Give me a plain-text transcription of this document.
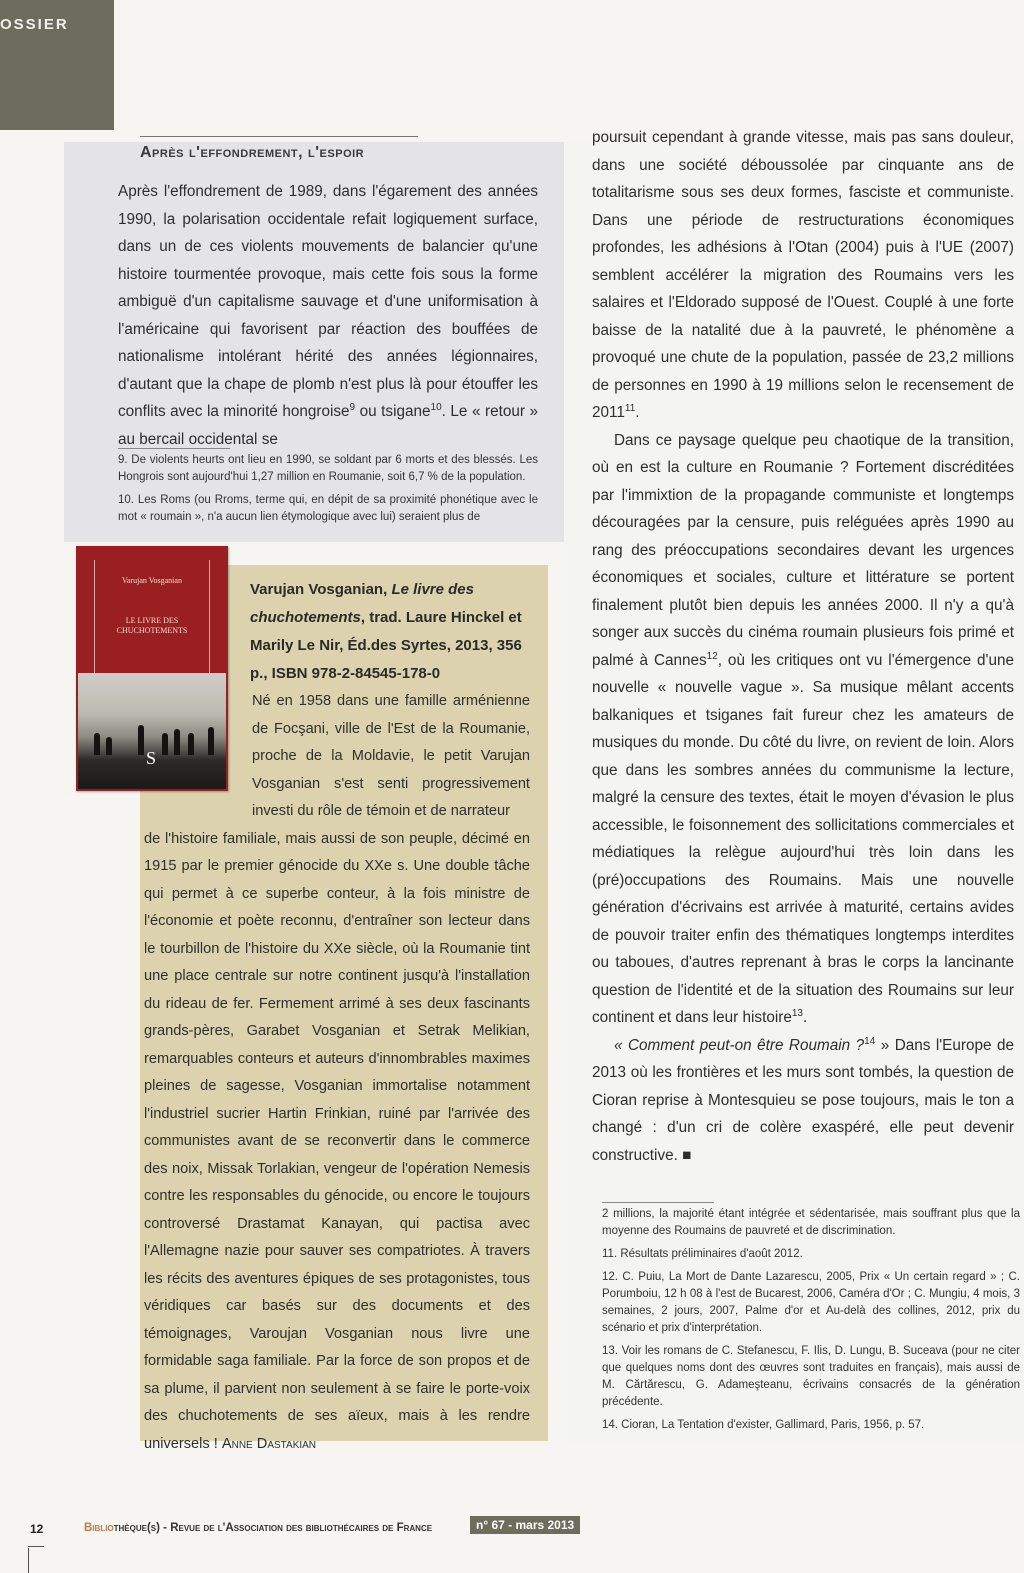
OSSIER
Après l'effondrement, l'espoir

Après l'effondrement de 1989, dans l'égarement des années 1990, la polarisation occidentale refait logiquement surface, dans un de ces violents mouvements de balancier qu'une histoire tourmentée provoque, mais cette fois sous la forme ambiguë d'un capitalisme sauvage et d'une uniformisation à l'américaine qui favorisent par réaction des bouffées de nationalisme intolérant hérité des années légionnaires, d'autant que la chape de plomb n'est plus là pour étouffer les conflits avec la minorité hongroise$^9$ ou tsigane$^{10}$. Le « retour » au bercail occidental se

9. De violents heurts ont lieu en 1990, se soldant par 6 morts et des blessés. Les Hongrois sont aujourd'hui 1,27 million en Roumanie, soit 6,7 % de la population.

10. Les Roms (ou Rroms, terme qui, en dépit de sa proximité phonétique avec le mot « roumain », n'a aucun lien étymologique avec lui) seraient plus de

Varujan Vosganian
LE LIVRE DES
CHUCHOTEMENTS
S
Varujan Vosganian, Le livre des chuchotements, trad. Laure Hinckel et Marily Le Nir, Éd.des Syrtes, 2013, 356 p., ISBN 978-2-84545-178-0

Né en 1958 dans une famille arménienne de Focşani, ville de l'Est de la Roumanie, proche de la Moldavie, le petit Varujan Vosganian s'est senti progressivement investi du rôle de témoin et de narrateur

de l'histoire familiale, mais aussi de son peuple, décimé en 1915 par le premier génocide du XXe s. Une double tâche qui permet à ce superbe conteur, à la fois ministre de l'économie et poète reconnu, d'entraîner son lecteur dans le tourbillon de l'histoire du XXe siècle, où la Roumanie tint une place centrale sur notre continent jusqu'à l'installation du rideau de fer. Fermement arrimé à ses deux fascinants grands-pères, Garabet Vosganian et Setrak Melikian, remarquables conteurs et auteurs d'innombrables maximes pleines de sagesse, Vosganian immortalise notamment l'industriel sucrier Hartin Frinkian, ruiné par l'arrivée des communistes avant de se reconvertir dans le commerce des noix, Missak Torlakian, vengeur de l'opération Nemesis contre les responsables du génocide, ou encore le toujours controversé Drastamat Kanayan, qui pactisa avec l'Allemagne nazie pour sauver ses compatriotes. À travers les récits des aventures épiques de ses protagonistes, tous véridiques car basés sur des documents et des témoignages, Varoujan Vosganian nous livre une formidable saga familiale. Par la force de son propos et de sa plume, il parvient non seulement à se faire le porte-voix des chuchotements de ses aïeux, mais à les rendre universels ! Anne Dastakian

poursuit cependant à grande vitesse, mais pas sans douleur, dans une société déboussolée par cinquante ans de totalitarisme sous ses deux formes, fasciste et communiste. Dans une période de restructurations économiques profondes, les adhésions à l'Otan (2004) puis à l'UE (2007) semblent accélérer la migration des Roumains vers les salaires et l'Eldorado supposé de l'Ouest. Couplé à une forte baisse de la natalité due à la pauvreté, le phénomène a provoqué une chute de la population, passée de 23,2 millions de personnes en 1990 à 19 millions selon le recensement de 2011$^{11}$.

Dans ce paysage quelque peu chaotique de la transition, où en est la culture en Roumanie ? Fortement discréditées par l'immixtion de la propagande communiste et longtemps découragées par la censure, puis reléguées après 1990 au rang des préoccupations secondaires devant les urgences économiques et sociales, culture et littérature se portent finalement plutôt bien depuis les années 2000. Il n'y a qu'à songer aux succès du cinéma roumain plusieurs fois primé et palmé à Cannes$^{12}$, où les critiques ont vu l'émergence d'une nouvelle « nouvelle vague ». Sa musique mêlant accents balkaniques et tsiganes fait fureur chez les amateurs de musiques du monde. Du côté du livre, on revient de loin. Alors que dans les sombres années du communisme la lecture, malgré la censure des textes, était le moyen d'évasion le plus accessible, le foisonnement des sollicitations commerciales et médiatiques la relègue aujourd'hui très loin dans les (pré)occupations des Roumains. Mais une nouvelle génération d'écrivains est arrivée à maturité, certains avides de pouvoir traiter enfin des thématiques longtemps interdites ou taboues, d'autres reprenant à bras le corps la lancinante question de l'identité et de la situation des Roumains sur leur continent et dans leur histoire$^{13}$.

« Comment peut-on être Roumain ?$^{14}$ » Dans l'Europe de 2013 où les frontières et les murs sont tombés, la question de Cioran reprise à Montesquieu se pose toujours, mais le ton a changé : d'un cri de colère exaspéré, elle peut devenir constructive. ■

2 millions, la majorité étant intégrée et sédentarisée, mais souffrant plus que la moyenne des Roumains de pauvreté et de discrimination.

11. Résultats préliminaires d'août 2012.

12. C. Puiu, La Mort de Dante Lazarescu, 2005, Prix « Un certain regard » ; C. Porumboiu, 12 h 08 à l'est de Bucarest, 2006, Caméra d'Or ; C. Mungiu, 4 mois, 3 semaines, 2 jours, 2007, Palme d'or et Au-delà des collines, 2012, prix du scénario et prix d'interprétation.

13. Voir les romans de C. Stefanescu, F. Ilis, D. Lungu, B. Suceava (pour ne citer que quelques noms dont des œuvres sont traduites en français), mais aussi de M. Cărtărescu, G. Adameşteanu, écrivains consacrés de la génération précédente.

14. Cioran, La Tentation d'exister, Gallimard, Paris, 1956, p. 57.

12	Bibliothèque(s) - Revue de l'Association des bibliothécaires de France	n° 67 - mars 2013
